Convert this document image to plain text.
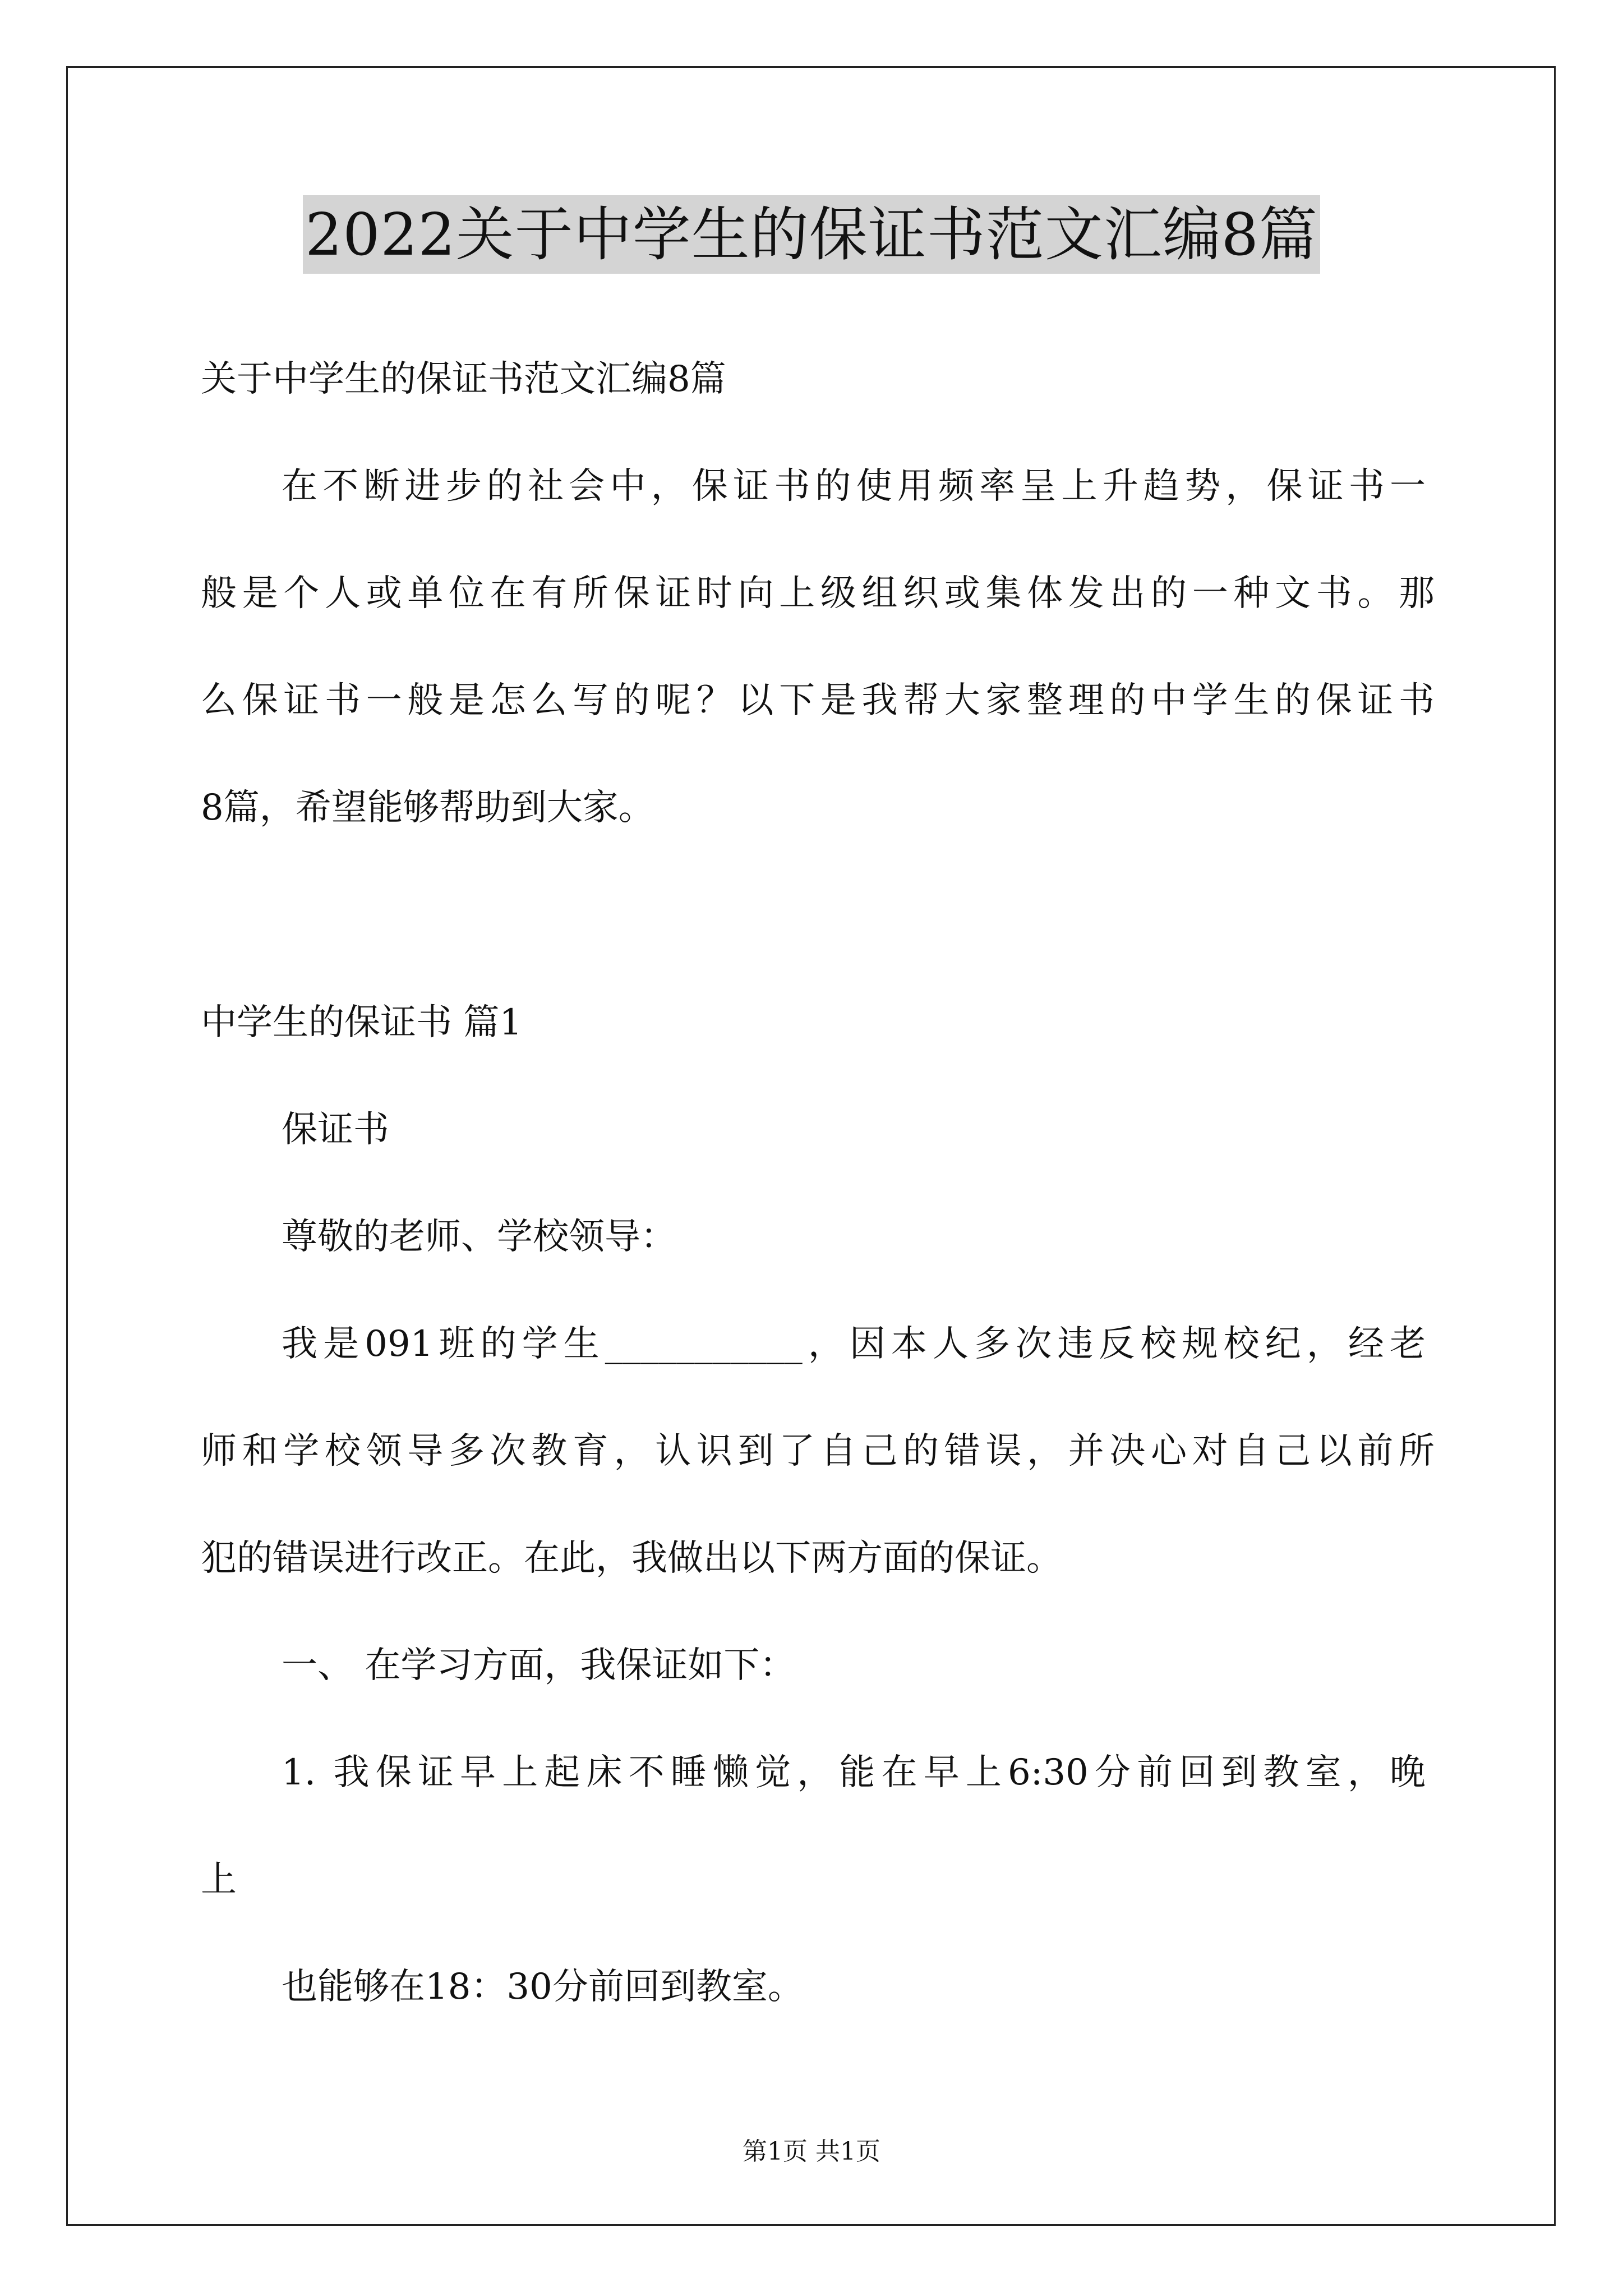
2022关于中学生的保证书范文汇编8篇
关于中学生的保证书范文汇编8篇
在不断进步的社会中，保证书的使用频率呈上升趋势，保证书一
般是个人或单位在有所保证时向上级组织或集体发出的一种文书。那
么保证书一般是怎么写的呢？以下是我帮大家整理的中学生的保证书
8篇，希望能够帮助到大家。
中学生的保证书 篇1
保证书
尊敬的老师、学校领导：
我是091班的学生___________，因本人多次违反校规校纪，经老
师和学校领导多次教育，认识到了自己的错误，并决心对自己以前所
犯的错误进行改正。在此，我做出以下两方面的保证。
一、 在学习方面，我保证如下：
1. 我保证早上起床不睡懒觉，能在早上6:30分前回到教室，晚
上
也能够在18：30分前回到教室。
第1页 共1页
